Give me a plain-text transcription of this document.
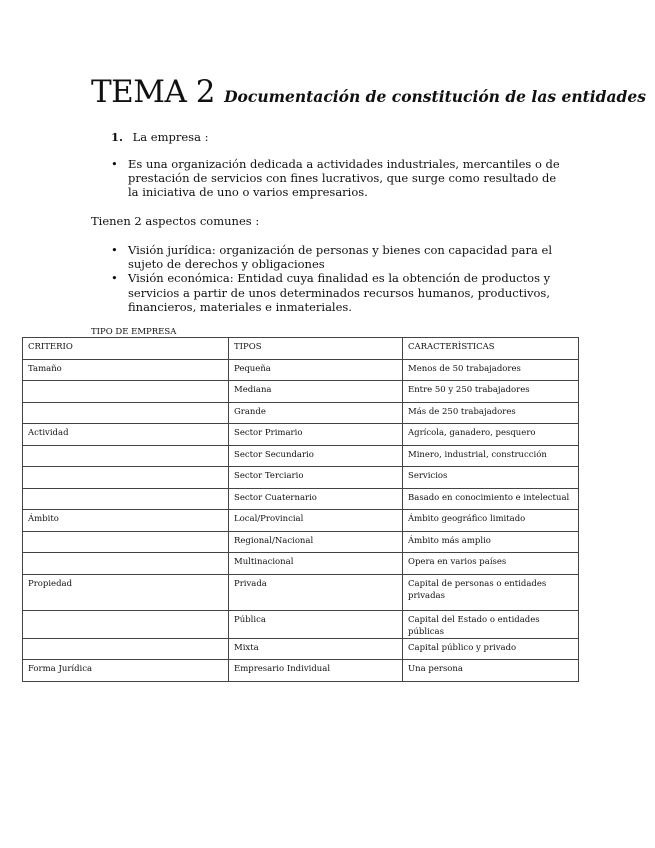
TEMA 2 Documentación de constitución de las entidades
1. La empresa :
• Es una organización dedicada a actividades industriales, mercantiles o de prestación de servicios con fines lucrativos, que surge como resultado de la iniciativa de uno o varios empresarios.
Tienen 2 aspectos comunes :
• Visión jurídica: organización de personas y bienes con capacidad para el sujeto de derechos y obligaciones
• Visión económica: Entidad cuya finalidad es la obtención de productos y servicios a partir de unos determinados recursos humanos, productivos, financieros, materiales e inmateriales.
TIPO DE EMPRESA
CRITERIO	TIPOS	CARACTERÌSTICAS
Tamaño	Pequeña	Menos de 50 trabajadores
	Mediana	Entre 50 y 250 trabajadores
	Grande	Más de 250 trabajadores
Actividad	Sector Primario	Agrícola, ganadero, pesquero
	Sector Secundario	Minero, industrial, construcción
	Sector Terciario	Servicios
	Sector Cuaternario	Basado en conocimiento e intelectual
Ámbito	Local/Provincial	Ámbito geográfico limitado
	Regional/Nacional	Ámbito más amplio
	Multinacional	Opera en varios países
Propiedad	Privada	Capital de personas o entidades privadas
	Pública	Capital del Estado o entidades públicas
	Mixta	Capital público y privado
Forma Jurídica	Empresario Individual	Una persona
